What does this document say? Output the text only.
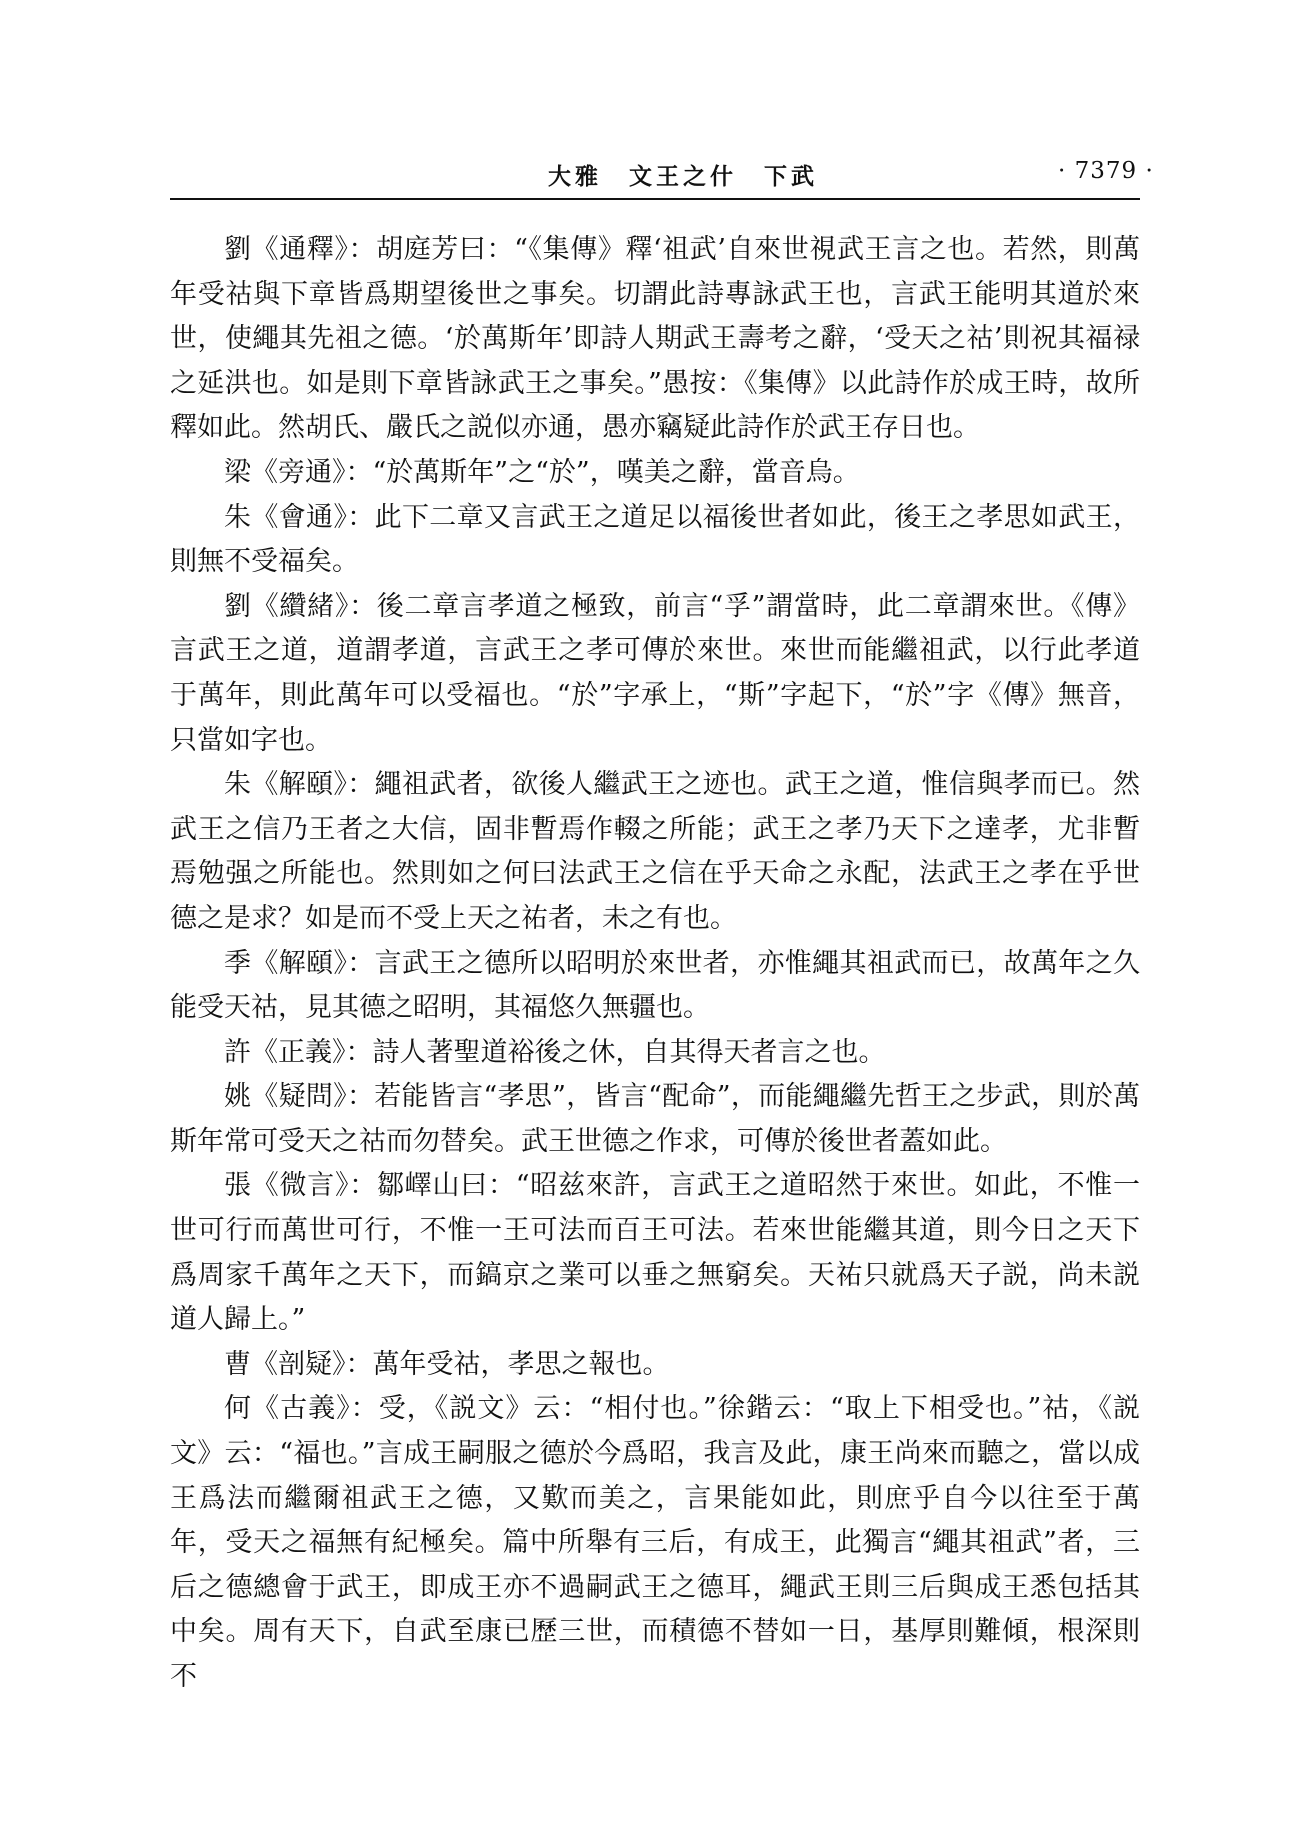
大雅　文王之什　下武	· 7379 ·

劉《通釋》：胡庭芳曰：“《集傳》釋‘祖武’自來世視武王言之也。若然，則萬年受祜與下章皆爲期望後世之事矣。切謂此詩專詠武王也，言武王能明其道於來世，使繩其先祖之德。‘於萬斯年’即詩人期武王壽考之辭，‘受天之祜’則祝其福禄之延洪也。如是則下章皆詠武王之事矣。”愚按：《集傳》以此詩作於成王時，故所釋如此。然胡氏、嚴氏之説似亦通，愚亦竊疑此詩作於武王存日也。

梁《旁通》：“於萬斯年”之“於”，嘆美之辭，當音烏。

朱《會通》：此下二章又言武王之道足以福後世者如此，後王之孝思如武王，則無不受福矣。

劉《纘緒》：後二章言孝道之極致，前言“孚”謂當時，此二章謂來世。《傳》言武王之道，道謂孝道，言武王之孝可傳於來世。來世而能繼祖武，以行此孝道于萬年，則此萬年可以受福也。“於”字承上，“斯”字起下，“於”字《傳》無音，只當如字也。

朱《解頤》：繩祖武者，欲後人繼武王之迹也。武王之道，惟信與孝而已。然武王之信乃王者之大信，固非暫焉作輟之所能；武王之孝乃天下之達孝，尤非暫焉勉强之所能也。然則如之何曰法武王之信在乎天命之永配，法武王之孝在乎世德之是求？如是而不受上天之祐者，未之有也。

季《解頤》：言武王之德所以昭明於來世者，亦惟繩其祖武而已，故萬年之久能受天祜，見其德之昭明，其福悠久無疆也。

許《正義》：詩人著聖道裕後之休，自其得天者言之也。

姚《疑問》：若能皆言“孝思”，皆言“配命”，而能繩繼先哲王之步武，則於萬斯年常可受天之祜而勿替矣。武王世德之作求，可傳於後世者蓋如此。

張《微言》：鄒嶧山曰：“昭兹來許，言武王之道昭然于來世。如此，不惟一世可行而萬世可行，不惟一王可法而百王可法。若來世能繼其道，則今日之天下爲周家千萬年之天下，而鎬京之業可以垂之無窮矣。天祐只就爲天子説，尚未説道人歸上。”

曹《剖疑》：萬年受祜，孝思之報也。

何《古義》：受，《説文》云：“相付也。”徐鍇云：“取上下相受也。”祜，《説文》云：“福也。”言成王嗣服之德於今爲昭，我言及此，康王尚來而聽之，當以成王爲法而繼爾祖武王之德，又歎而美之，言果能如此，則庶乎自今以往至于萬年，受天之福無有紀極矣。篇中所舉有三后，有成王，此獨言“繩其祖武”者，三后之德總會于武王，即成王亦不過嗣武王之德耳，繩武王則三后與成王悉包括其中矣。周有天下，自武至康已歷三世，而積德不替如一日，基厚則難傾，根深則不
